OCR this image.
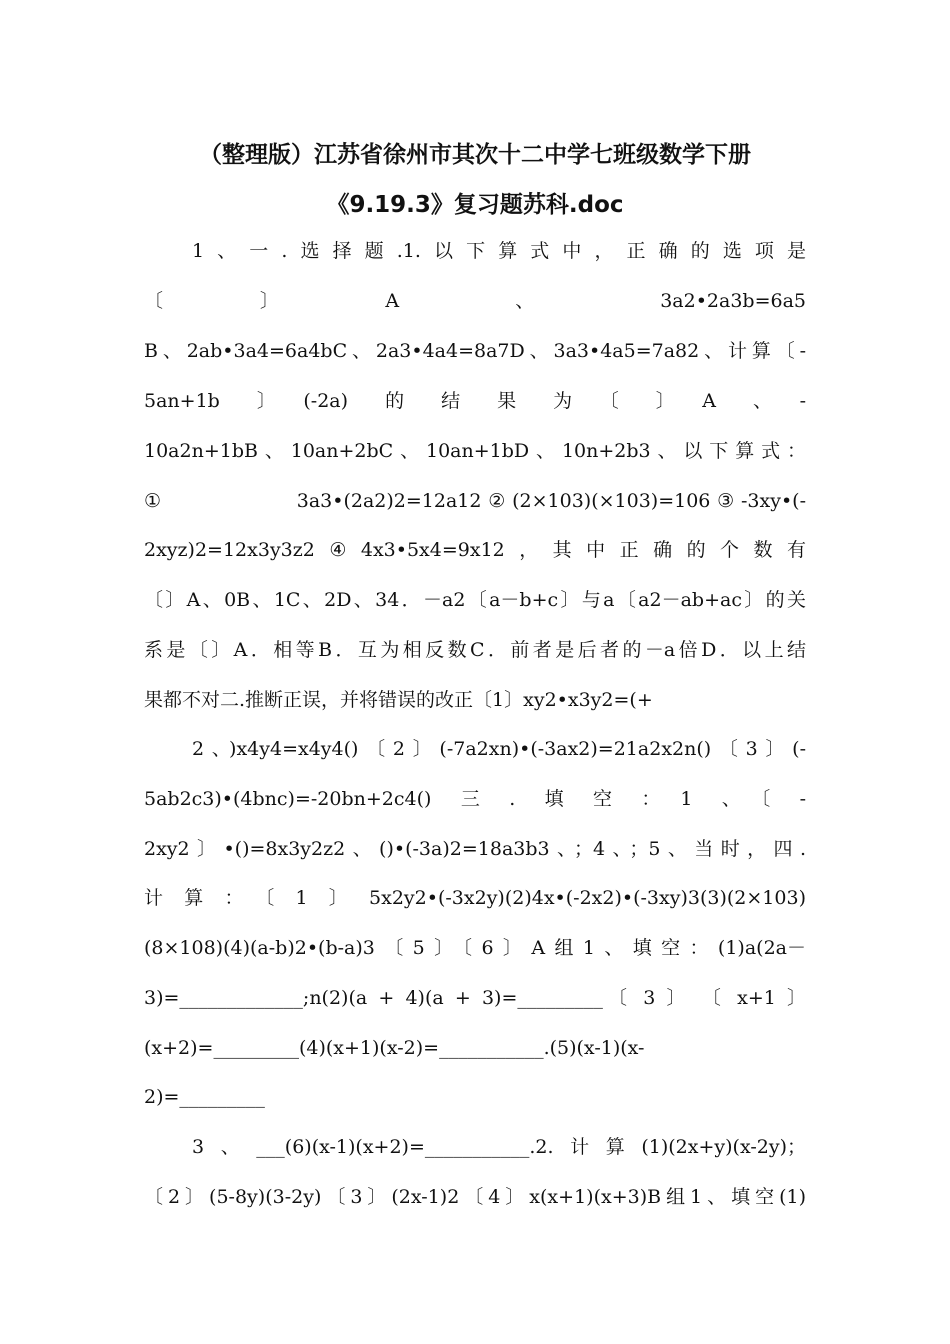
（整理版）江苏省徐州市其次十二中学七班级数学下册
《9.19.3》复习题苏科.doc
1、一.选择题.1.以下算式中，正确的选项是
〔　　　　　〕　　　　　　A　　　　　　、　　　　　　　3a2•2a3b=6a5
B、2ab•3a4=6a4bC、2a3•4a4=8a7D、3a3•4a5=7a82、计算〔-
5an+1b　〕　(-2a)　的　结　果　为　〔　〕　A　、　-
10a2n+1bB、10an+2bC、10an+1bD、10n+2b3、以下算式：
①　　　　　3a3•(2a2)2=12a12②(2×103)(×103)=106③-3xy•(-
2xyz)2=12x3y3z2④4x3•5x4=9x12，其中正确的个数有
〔〕A、0B、1C、2D、34．－a2〔a－b+c〕与a〔a2－ab+ac〕的关
系是〔〕A．相等B．互为相反数C．前者是后者的－a倍D．以上结
果都不对二.推断正误，并将错误的改正〔1〕xy2•x3y2=(+
2、)x4y4=x4y4()〔2〕(-7a2xn)•(-3ax2)=21a2x2n()〔3〕(-
5ab2c3)•(4bnc)=-20bn+2c4()　三　.　填　空　：　1　、　〔　-
2xy2〕•()=8x3y2z2、()•(-3a)2=18a3b3、；4、；5、当时，四.
计算：〔1〕5x2y2•(-3x2y)(2)4x•(-2x2)•(-3xy)3(3)(2×103)
(8×108)(4)(a-b)2•(b-a)3〔5〕〔6〕A组1、填空：(1)a(2a－
3)=_____________;n(2)(a + 4)(a + 3)=_________〔 3 〕 〔 x+1 〕
(x+2)=_________(4)(x+1)(x-2)=___________.(5)(x-1)(x-
2)=_________
3、___(6)(x-1)(x+2)=___________.2.计算(1)(2x+y)(x-2y)；
〔2〕(5-8y)(3-2y)〔3〕(2x-1)2〔4〕x(x+1)(x+3)B组1、填空(1)
